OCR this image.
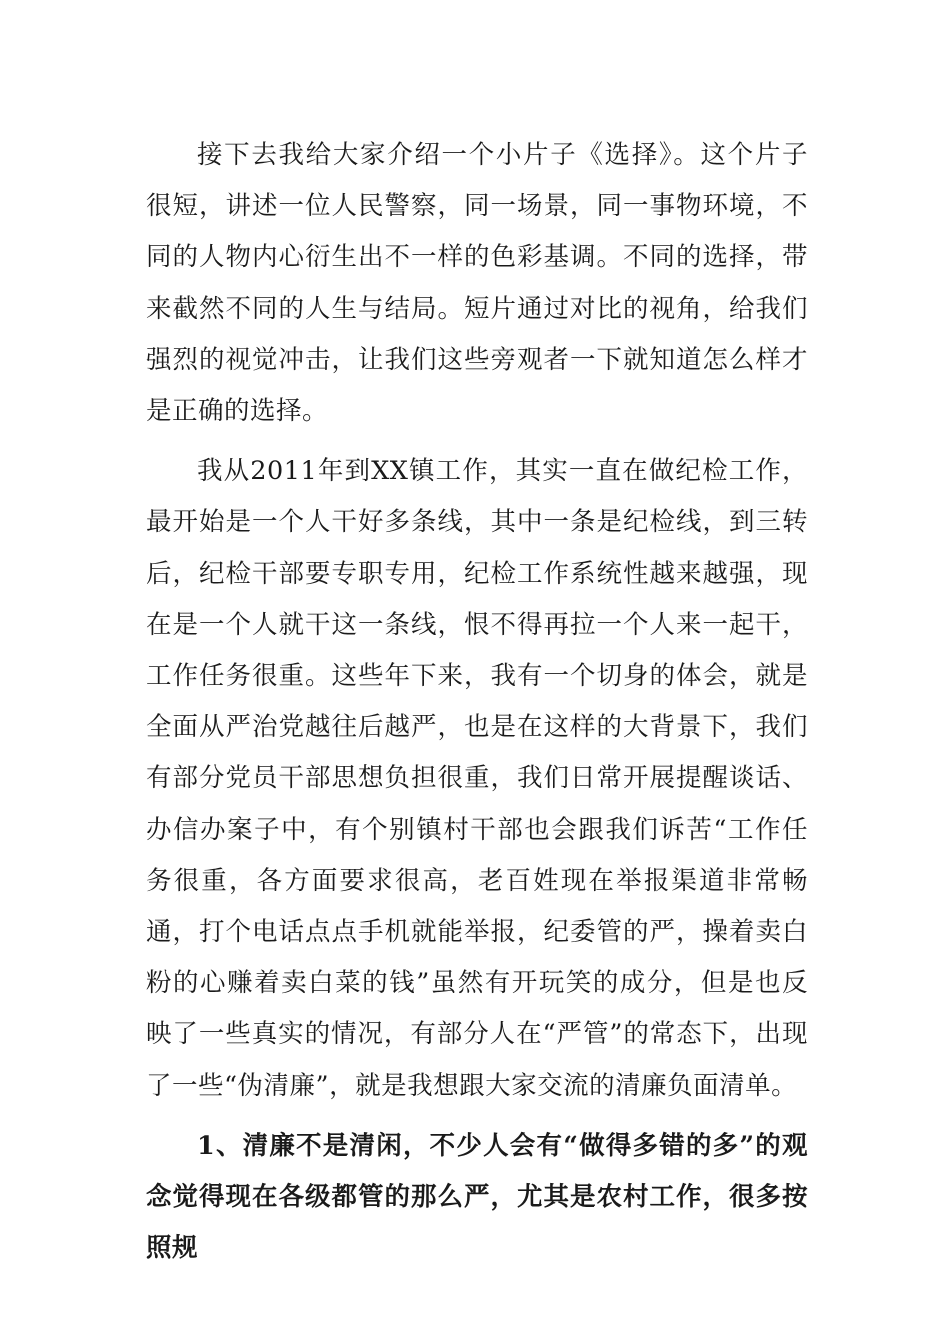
接下去我给大家介绍一个小片子《选择》。这个片子很短，讲述一位人民警察，同一场景，同一事物环境，不同的人物内心衍生出不一样的色彩基调。不同的选择，带来截然不同的人生与结局。短片通过对比的视角，给我们强烈的视觉冲击，让我们这些旁观者一下就知道怎么样才是正确的选择。

我从2011年到XX镇工作，其实一直在做纪检工作，最开始是一个人干好多条线，其中一条是纪检线，到三转后，纪检干部要专职专用，纪检工作系统性越来越强，现在是一个人就干这一条线，恨不得再拉一个人来一起干，工作任务很重。这些年下来，我有一个切身的体会，就是全面从严治党越往后越严，也是在这样的大背景下，我们有部分党员干部思想负担很重，我们日常开展提醒谈话、办信办案子中，有个别镇村干部也会跟我们诉苦“工作任务很重，各方面要求很高，老百姓现在举报渠道非常畅通，打个电话点点手机就能举报，纪委管的严，操着卖白粉的心赚着卖白菜的钱”虽然有开玩笑的成分，但是也反映了一些真实的情况，有部分人在“严管”的常态下，出现了一些“伪清廉”，就是我想跟大家交流的清廉负面清单。

1、清廉不是清闲，不少人会有“做得多错的多”的观念觉得现在各级都管的那么严，尤其是农村工作，很多按照规
